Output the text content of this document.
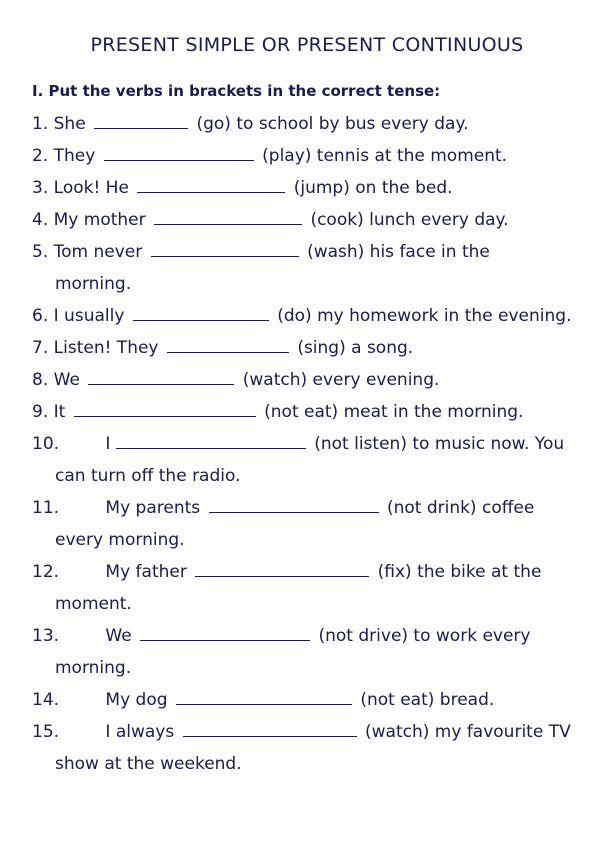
PRESENT SIMPLE OR PRESENT CONTINUOUS
I. Put the verbs in brackets in the correct tense:
1. She	(go) to school by bus every day.
2. They	(play) tennis at the moment.
3. Look! He	(jump) on the bed.
4. My mother	(cook) lunch every day.
5. Tom never	(wash) his face in the
morning.
6. I usually	(do) my homework in the evening.
7. Listen! They	(sing) a song.
8. We	(watch) every evening.
9. It	(not eat) meat in the morning.
10.	I	(not listen) to music now. You
can turn off the radio.
11.	My parents	(not drink) coffee
every morning.
12.	My father	(fix) the bike at the
moment.
13.	We	(not drive) to work every
morning.
14.	My dog	(not eat) bread.
15.	I always	(watch) my favourite TV
show at the weekend.
